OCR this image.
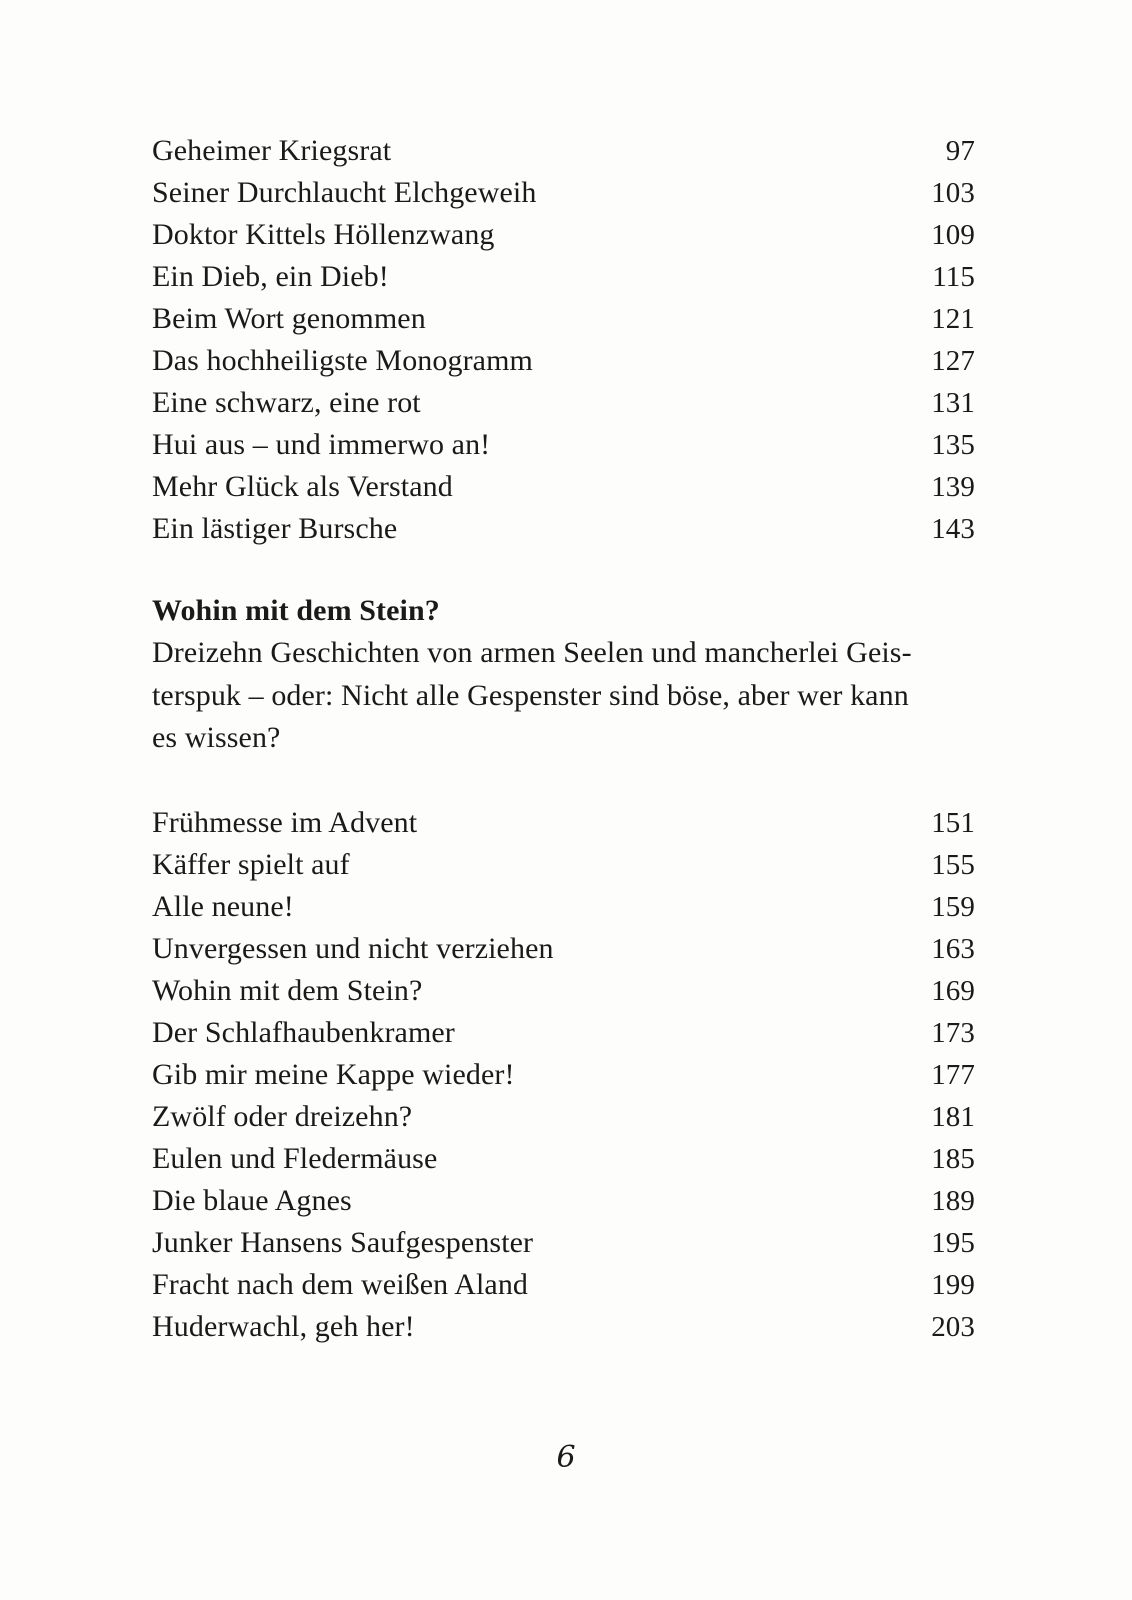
Geheimer Kriegsrat	97
Seiner Durchlaucht Elchgeweih	103
Doktor Kittels Höllenzwang	109
Ein Dieb, ein Dieb!	115
Beim Wort genommen	121
Das hochheiligste Monogramm	127
Eine schwarz, eine rot	131
Hui aus – und immerwo an!	135
Mehr Glück als Verstand	139
Ein lästiger Bursche	143
Wohin mit dem Stein?

Dreizehn Geschichten von armen Seelen und mancherlei Geis-
terspuk – oder: Nicht alle Gespenster sind böse, aber wer kann
es wissen?

Frühmesse im Advent	151
Käffer spielt auf	155
Alle neune!	159
Unvergessen und nicht verziehen	163
Wohin mit dem Stein?	169
Der Schlafhaubenkramer	173
Gib mir meine Kappe wieder!	177
Zwölf oder dreizehn?	181
Eulen und Fledermäuse	185
Die blaue Agnes	189
Junker Hansens Saufgespenster	195
Fracht nach dem weißen Aland	199
Huderwachl, geh her!	203
6
